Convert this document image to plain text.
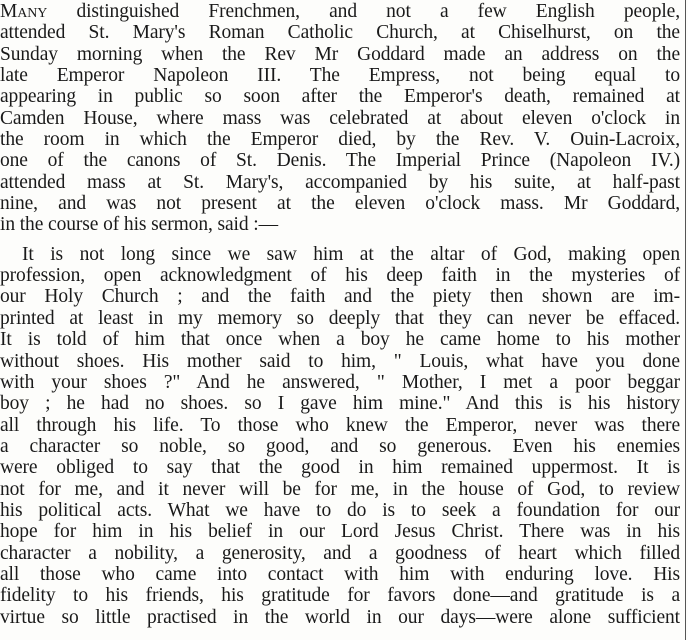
Many distinguished Frenchmen, and not a few English people,
attended St. Mary's Roman Catholic Church, at Chiselhurst, on the
Sunday morning when the Rev Mr Goddard made an address on the
late Emperor Napoleon III. The Empress, not being equal to
appearing in public so soon after the Emperor's death, remained at
Camden House, where mass was celebrated at about eleven o'clock in
the room in which the Emperor died, by the Rev. V. Ouin-Lacroix,
one of the canons of St. Denis. The Imperial Prince (Napoleon IV.)
attended mass at St. Mary's, accompanied by his suite, at half-past
nine, and was not present at the eleven o'clock mass. Mr Goddard,
in the course of his sermon, said :—
It is not long since we saw him at the altar of God, making open
profession, open acknowledgment of his deep faith in the mysteries of
our Holy Church ; and the faith and the piety then shown are im-
printed at least in my memory so deeply that they can never be effaced.
It is told of him that once when a boy he came home to his mother
without shoes. His mother said to him, " Louis, what have you done
with your shoes ?" And he answered, " Mother, I met a poor beggar
boy ; he had no shoes. so I gave him mine." And this is his history
all through his life. To those who knew the Emperor, never was there
a character so noble, so good, and so generous. Even his enemies
were obliged to say that the good in him remained uppermost. It is
not for me, and it never will be for me, in the house of God, to review
his political acts. What we have to do is to seek a foundation for our
hope for him in his belief in our Lord Jesus Christ. There was in his
character a nobility, a generosity, and a goodness of heart which filled
all those who came into contact with him with enduring love. His
fidelity to his friends, his gratitude for favors done—and gratitude is a
virtue so little practised in the world in our days—were alone sufficient
